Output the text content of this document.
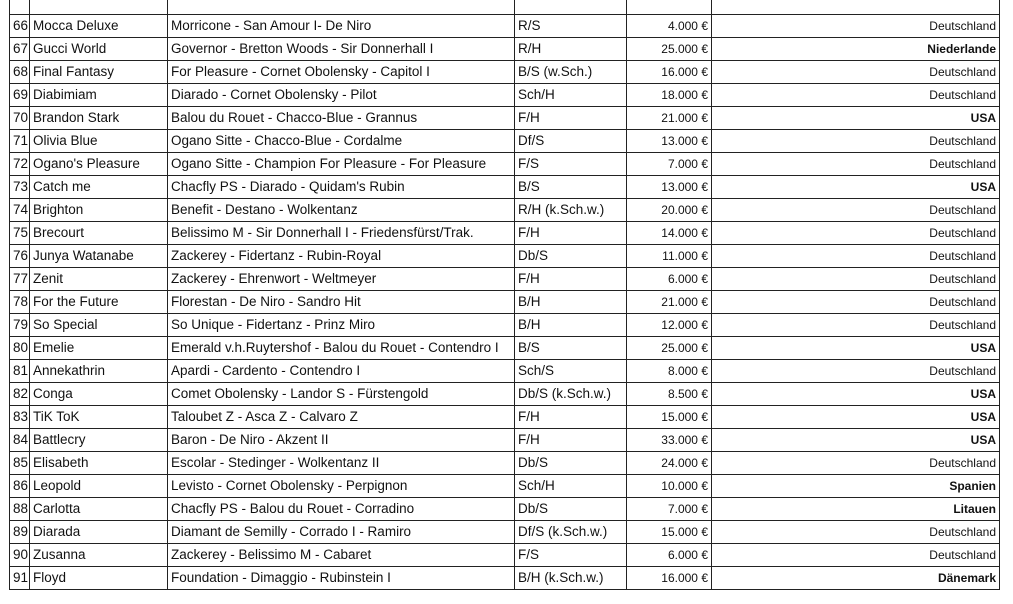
66	Mocca Deluxe	Morricone - San Amour I- De Niro	R/S	4.000 €	Deutschland
67	Gucci World	Governor - Bretton Woods - Sir Donnerhall I	R/H	25.000 €	Niederlande
68	Final Fantasy	For Pleasure - Cornet Obolensky - Capitol I	B/S (w.Sch.)	16.000 €	Deutschland
69	Diabimiam	Diarado - Cornet Obolensky - Pilot	Sch/H	18.000 €	Deutschland
70	Brandon Stark	Balou du Rouet - Chacco-Blue - Grannus	F/H	21.000 €	USA
71	Olivia Blue	Ogano Sitte - Chacco-Blue - Cordalme	Df/S	13.000 €	Deutschland
72	Ogano's Pleasure	Ogano Sitte - Champion For Pleasure - For Pleasure	F/S	7.000 €	Deutschland
73	Catch me	Chacfly PS - Diarado - Quidam's Rubin	B/S	13.000 €	USA
74	Brighton	Benefit - Destano - Wolkentanz	R/H (k.Sch.w.)	20.000 €	Deutschland
75	Brecourt	Belissimo M - Sir Donnerhall I - Friedensfürst/Trak.	F/H	14.000 €	Deutschland
76	Junya Watanabe	Zackerey - Fidertanz - Rubin-Royal	Db/S	11.000 €	Deutschland
77	Zenit	Zackerey - Ehrenwort - Weltmeyer	F/H	6.000 €	Deutschland
78	For the Future	Florestan - De Niro - Sandro Hit	B/H	21.000 €	Deutschland
79	So Special	So Unique - Fidertanz - Prinz Miro	B/H	12.000 €	Deutschland
80	Emelie	Emerald v.h.Ruytershof - Balou du Rouet - Contendro I	B/S	25.000 €	USA
81	Annekathrin	Apardi - Cardento - Contendro I	Sch/S	8.000 €	Deutschland
82	Conga	Comet Obolensky - Landor S - Fürstengold	Db/S (k.Sch.w.)	8.500 €	USA
83	TiK ToK	Taloubet Z - Asca Z - Calvaro Z	F/H	15.000 €	USA
84	Battlecry	Baron - De Niro - Akzent II	F/H	33.000 €	USA
85	Elisabeth	Escolar - Stedinger - Wolkentanz II	Db/S	24.000 €	Deutschland
86	Leopold	Levisto - Cornet Obolensky - Perpignon	Sch/H	10.000 €	Spanien
88	Carlotta	Chacfly PS - Balou du Rouet - Corradino	Db/S	7.000 €	Litauen
89	Diarada	Diamant de Semilly - Corrado I - Ramiro	Df/S (k.Sch.w.)	15.000 €	Deutschland
90	Zusanna	Zackerey - Belissimo M - Cabaret	F/S	6.000 €	Deutschland
91	Floyd	Foundation - Dimaggio - Rubinstein I	B/H (k.Sch.w.)	16.000 €	Dänemark
